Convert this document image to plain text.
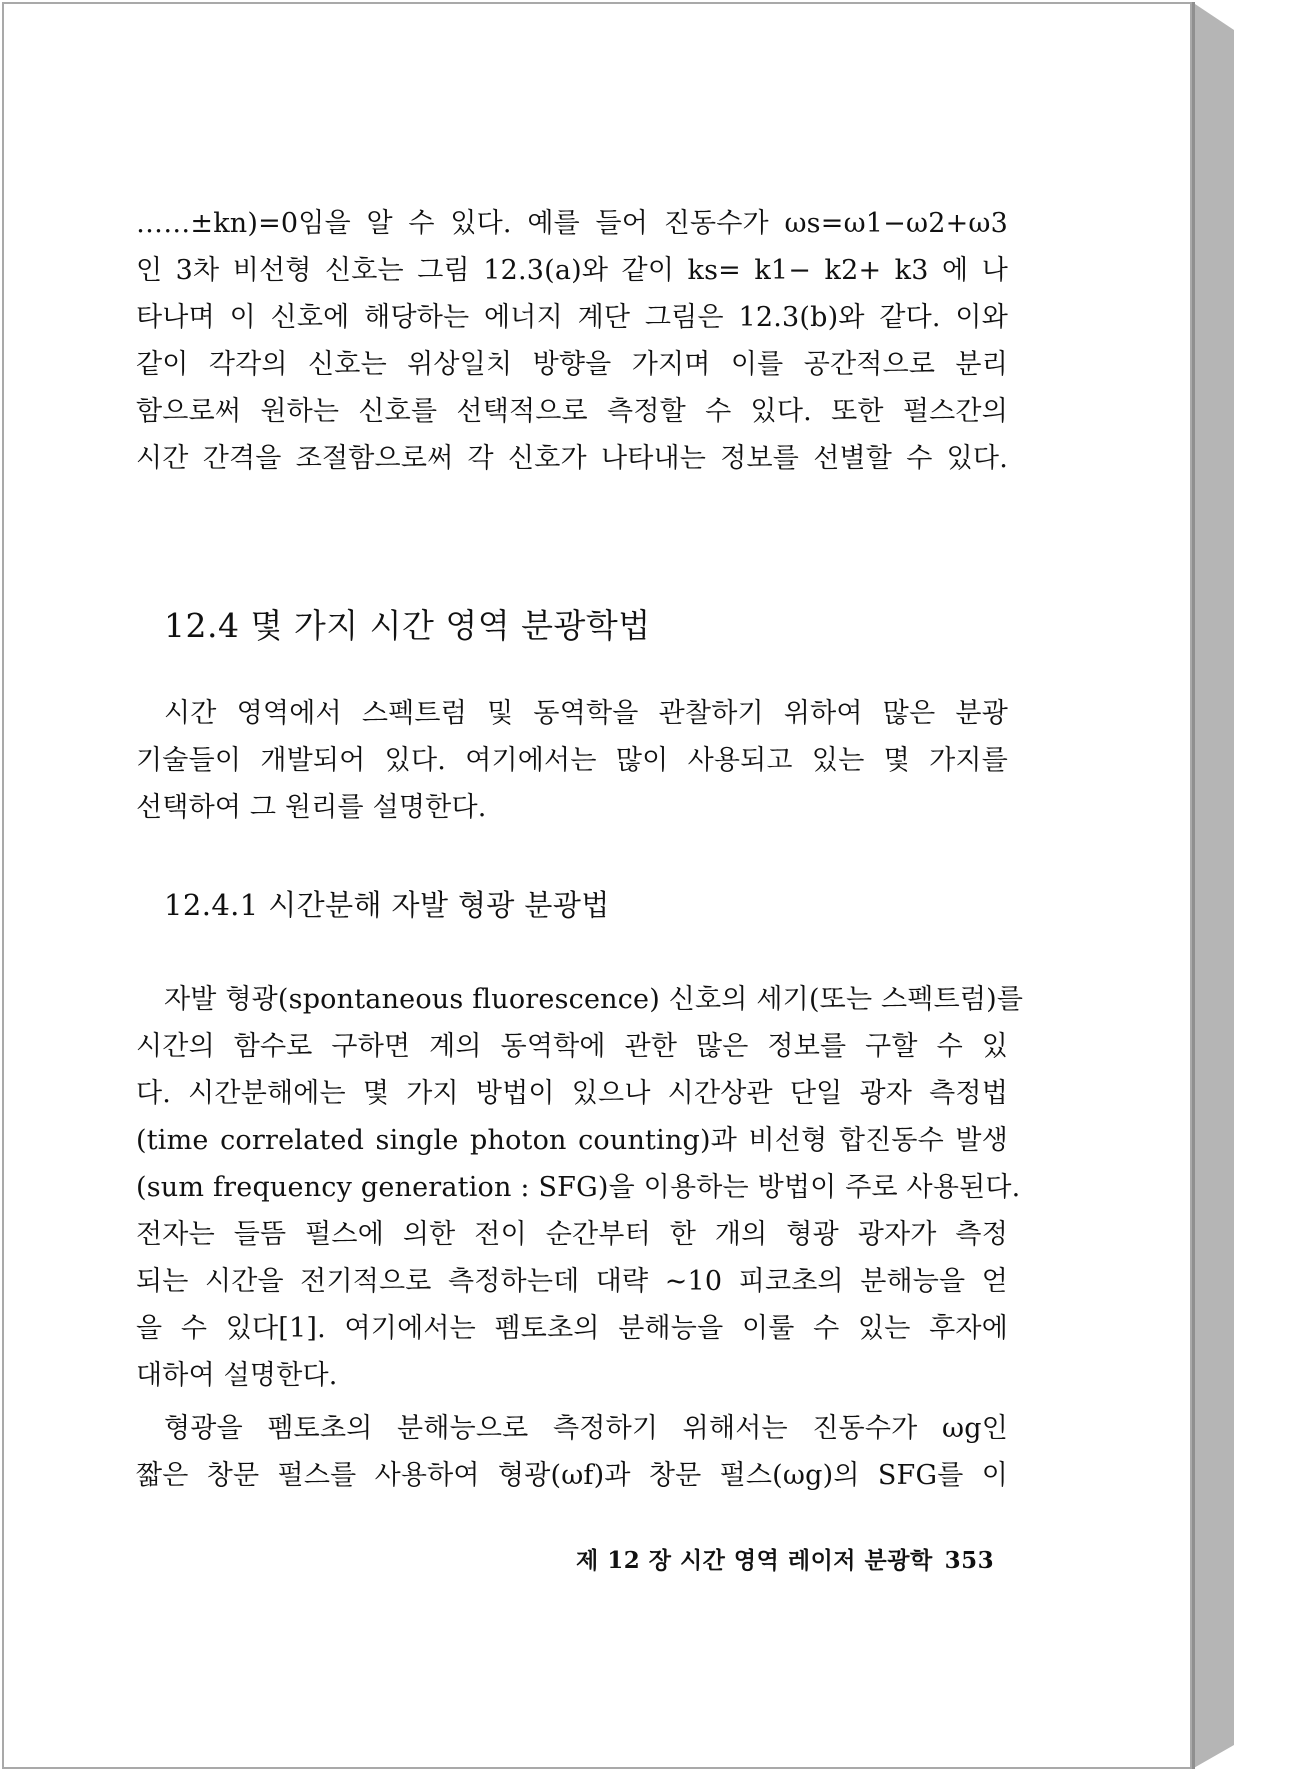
……±kn)=0임을 알 수 있다. 예를 들어 진동수가 ωs=ω1−ω2+ω3
인 3차 비선형 신호는 그림 12.3(a)와 같이 ks= k1− k2+ k3 에 나
타나며 이 신호에 해당하는 에너지 계단 그림은 12.3(b)와 같다. 이와
같이 각각의 신호는 위상일치 방향을 가지며 이를 공간적으로 분리
함으로써 원하는 신호를 선택적으로 측정할 수 있다. 또한 펄스간의
시간 간격을 조절함으로써 각 신호가 나타내는 정보를 선별할 수 있다.
12.4 몇 가지 시간 영역 분광학법
시간 영역에서 스펙트럼 및 동역학을 관찰하기 위하여 많은 분광
기술들이 개발되어 있다. 여기에서는 많이 사용되고 있는 몇 가지를
선택하여 그 원리를 설명한다.
12.4.1 시간분해 자발 형광 분광법
자발 형광(spontaneous fluorescence) 신호의 세기(또는 스펙트럼)를
시간의 함수로 구하면 계의 동역학에 관한 많은 정보를 구할 수 있
다. 시간분해에는 몇 가지 방법이 있으나 시간상관 단일 광자 측정법
(time correlated single photon counting)과 비선형 합진동수 발생
(sum frequency generation : SFG)을 이용하는 방법이 주로 사용된다.
전자는 들뜸 펄스에 의한 전이 순간부터 한 개의 형광 광자가 측정
되는 시간을 전기적으로 측정하는데 대략 ~10 피코초의 분해능을 얻
을 수 있다[1]. 여기에서는 펨토초의 분해능을 이룰 수 있는 후자에
대하여 설명한다.
형광을 펨토초의 분해능으로 측정하기 위해서는 진동수가 ωg인
짧은 창문 펄스를 사용하여 형광(ωf)과 창문 펄스(ωg)의 SFG를 이
제 12 장 시간 영역 레이저 분광학 353
